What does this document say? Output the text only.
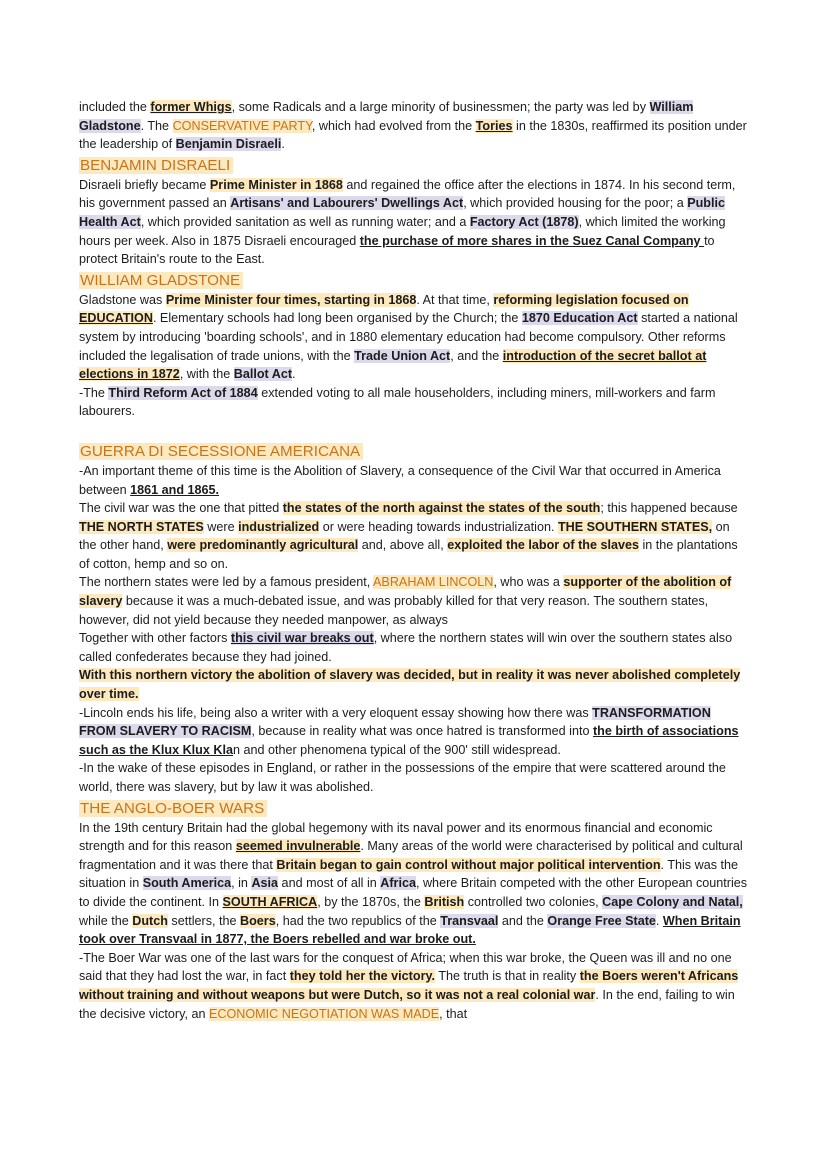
included the former Whigs, some Radicals and a large minority of businessmen; the party was led by William Gladstone. The CONSERVATIVE PARTY, which had evolved from the Tories in the 1830s, reaffirmed its position under the leadership of Benjamin Disraeli.

BENJAMIN DISRAELI

Disraeli briefly became Prime Minister in 1868 and regained the office after the elections in 1874. In his second term, his government passed an Artisans' and Labourers' Dwellings Act, which provided housing for the poor; a Public Health Act, which provided sanitation as well as running water; and a Factory Act (1878), which limited the working hours per week. Also in 1875 Disraeli encouraged the purchase of more shares in the Suez Canal Company to protect Britain's route to the East.

WILLIAM GLADSTONE

Gladstone was Prime Minister four times, starting in 1868. At that time, reforming legislation focused on EDUCATION. Elementary schools had long been organised by the Church; the 1870 Education Act started a national system by introducing 'boarding schools', and in 1880 elementary education had become compulsory. Other reforms included the legalisation of trade unions, with the Trade Union Act, and the introduction of the secret ballot at elections in 1872, with the Ballot Act.

-The Third Reform Act of 1884 extended voting to all male householders, including miners, mill-workers and farm labourers.

GUERRA DI SECESSIONE AMERICANA

-An important theme of this time is the Abolition of Slavery, a consequence of the Civil War that occurred in America between 1861 and 1865.

The civil war was the one that pitted the states of the north against the states of the south; this happened because THE NORTH STATES were industrialized or were heading towards industrialization. THE SOUTHERN STATES, on the other hand, were predominantly agricultural and, above all, exploited the labor of the slaves in the plantations of cotton, hemp and so on.

The northern states were led by a famous president, ABRAHAM LINCOLN, who was a supporter of the abolition of slavery because it was a much-debated issue, and was probably killed for that very reason. The southern states, however, did not yield because they needed manpower, as always

Together with other factors this civil war breaks out, where the northern states will win over the southern states also called confederates because they had joined.

With this northern victory the abolition of slavery was decided, but in reality it was never abolished completely over time.

-Lincoln ends his life, being also a writer with a very eloquent essay showing how there was TRANSFORMATION FROM SLAVERY TO RACISM, because in reality what was once hatred is transformed into the birth of associations such as the Klux Klux Klan and other phenomena typical of the 900' still widespread.

-In the wake of these episodes in England, or rather in the possessions of the empire that were scattered around the world, there was slavery, but by law it was abolished.

THE ANGLO-BOER WARS

In the 19th century Britain had the global hegemony with its naval power and its enormous financial and economic strength and for this reason seemed invulnerable. Many areas of the world were characterised by political and cultural fragmentation and it was there that Britain began to gain control without major political intervention. This was the situation in South America, in Asia and most of all in Africa, where Britain competed with the other European countries to divide the continent. In SOUTH AFRICA, by the 1870s, the British controlled two colonies, Cape Colony and Natal, while the Dutch settlers, the Boers, had the two republics of the Transvaal and the Orange Free State. When Britain took over Transvaal in 1877, the Boers rebelled and war broke out.

-The Boer War was one of the last wars for the conquest of Africa; when this war broke, the Queen was ill and no one said that they had lost the war, in fact they told her the victory. The truth is that in reality the Boers weren't Africans without training and without weapons but were Dutch, so it was not a real colonial war. In the end, failing to win the decisive victory, an ECONOMIC NEGOTIATION WAS MADE, that
